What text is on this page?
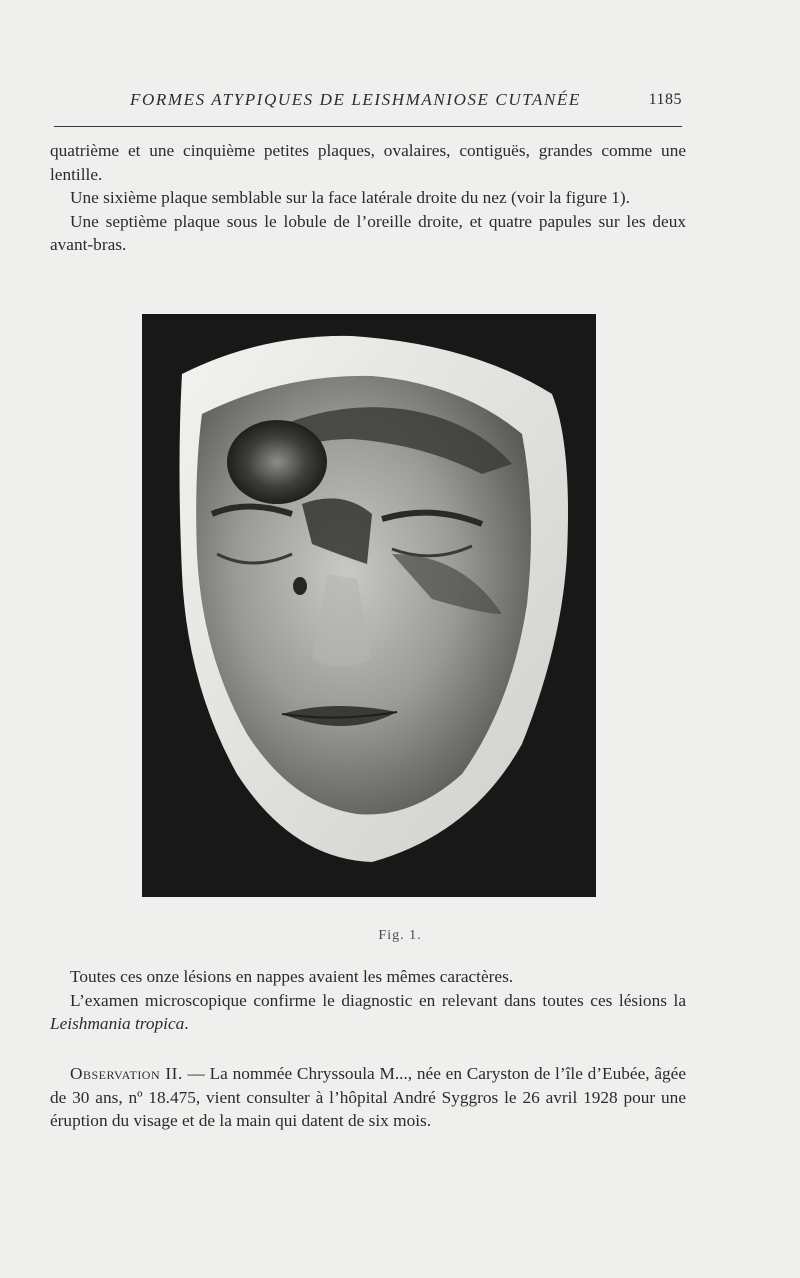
FORMES ATYPIQUES DE LEISHMANIOSE CUTANÉE	1185

quatrième et une cinquième petites plaques, ovalaires, contiguës, grandes comme une lentille.

Une sixième plaque semblable sur la face latérale droite du nez (voir la figure 1).

Une septième plaque sous le lobule de l’oreille droite, et quatre papules sur les deux avant-bras.

Fig. 1.

Toutes ces onze lésions en nappes avaient les mêmes caractères.

L’examen microscopique confirme le diagnostic en relevant dans toutes ces lésions la Leishmania tropica.

Observation II. — La nommée Chryssoula M..., née en Caryston de l’île d’Eubée, âgée de 30 ans, nº 18.475, vient consulter à l’hôpital André Syggros le 26 avril 1928 pour une éruption du visage et de la main qui datent de six mois.
